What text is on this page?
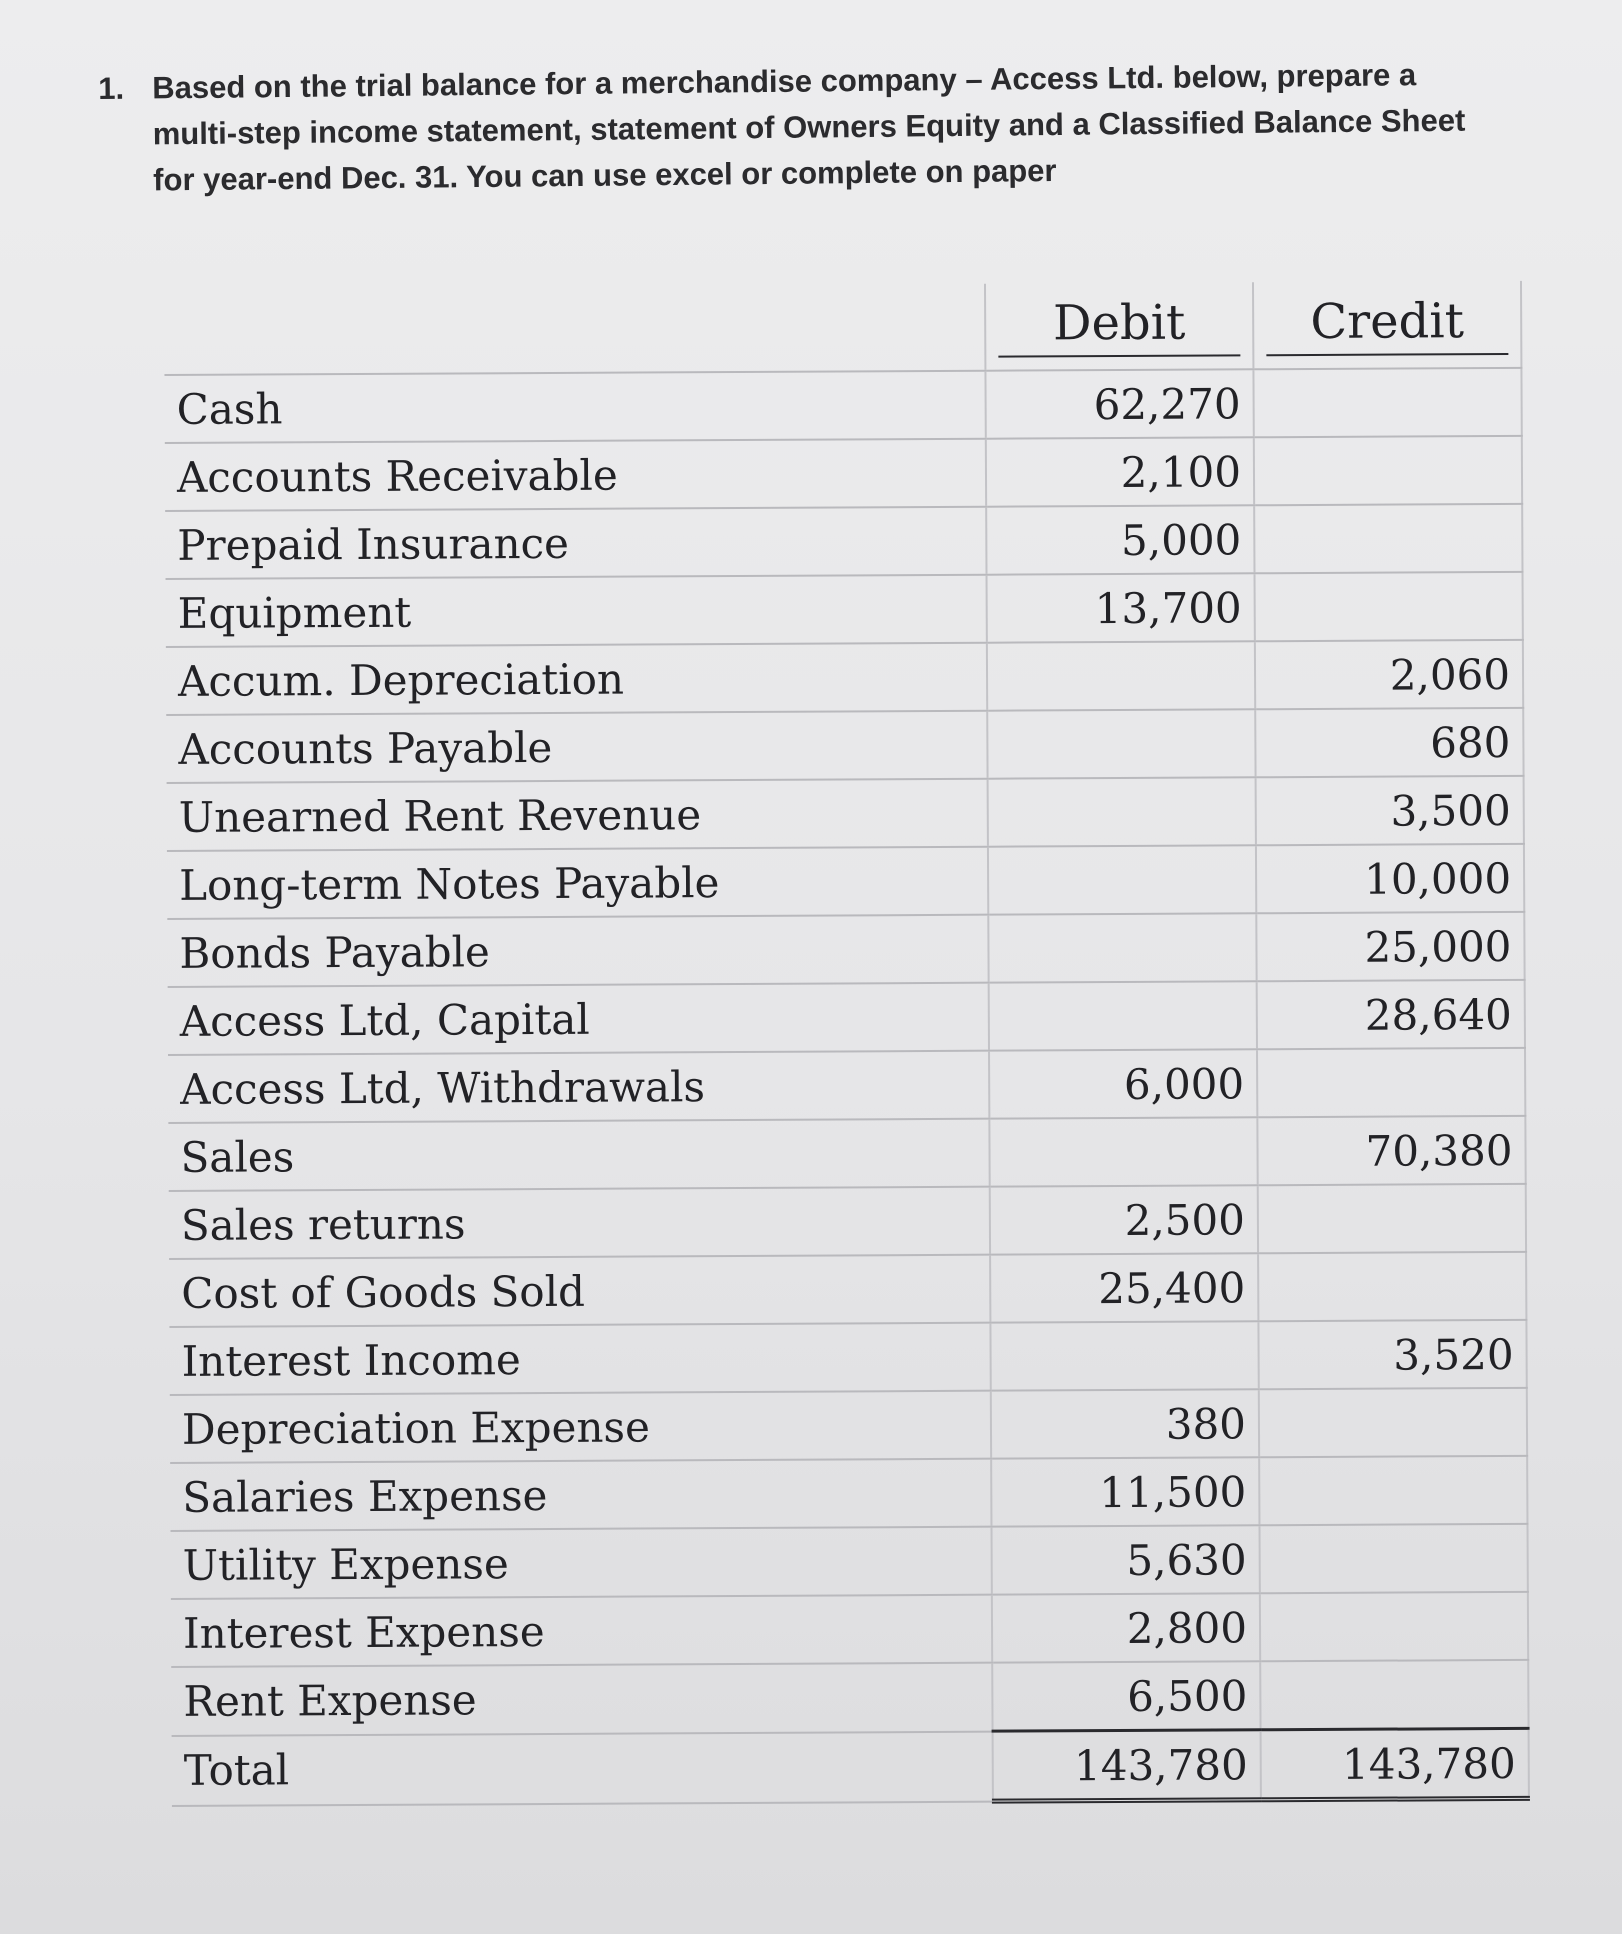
1. Based on the trial balance for a merchandise company – Access Ltd. below, prepare a multi-step income statement, statement of Owners Equity and a Classified Balance Sheet for year-end Dec. 31. You can use excel or complete on paper
	Debit	Credit
Cash	62,270	
Accounts Receivable	2,100	
Prepaid Insurance	5,000	
Equipment	13,700	
Accum. Depreciation		2,060
Accounts Payable		680
Unearned Rent Revenue		3,500
Long-term Notes Payable		10,000
Bonds Payable		25,000
Access Ltd, Capital		28,640
Access Ltd, Withdrawals	6,000	
Sales		70,380
Sales returns	2,500	
Cost of Goods Sold	25,400	
Interest Income		3,520
Depreciation Expense	380	
Salaries Expense	11,500	
Utility Expense	5,630	
Interest Expense	2,800	
Rent Expense	6,500	
Total	143,780	143,780
